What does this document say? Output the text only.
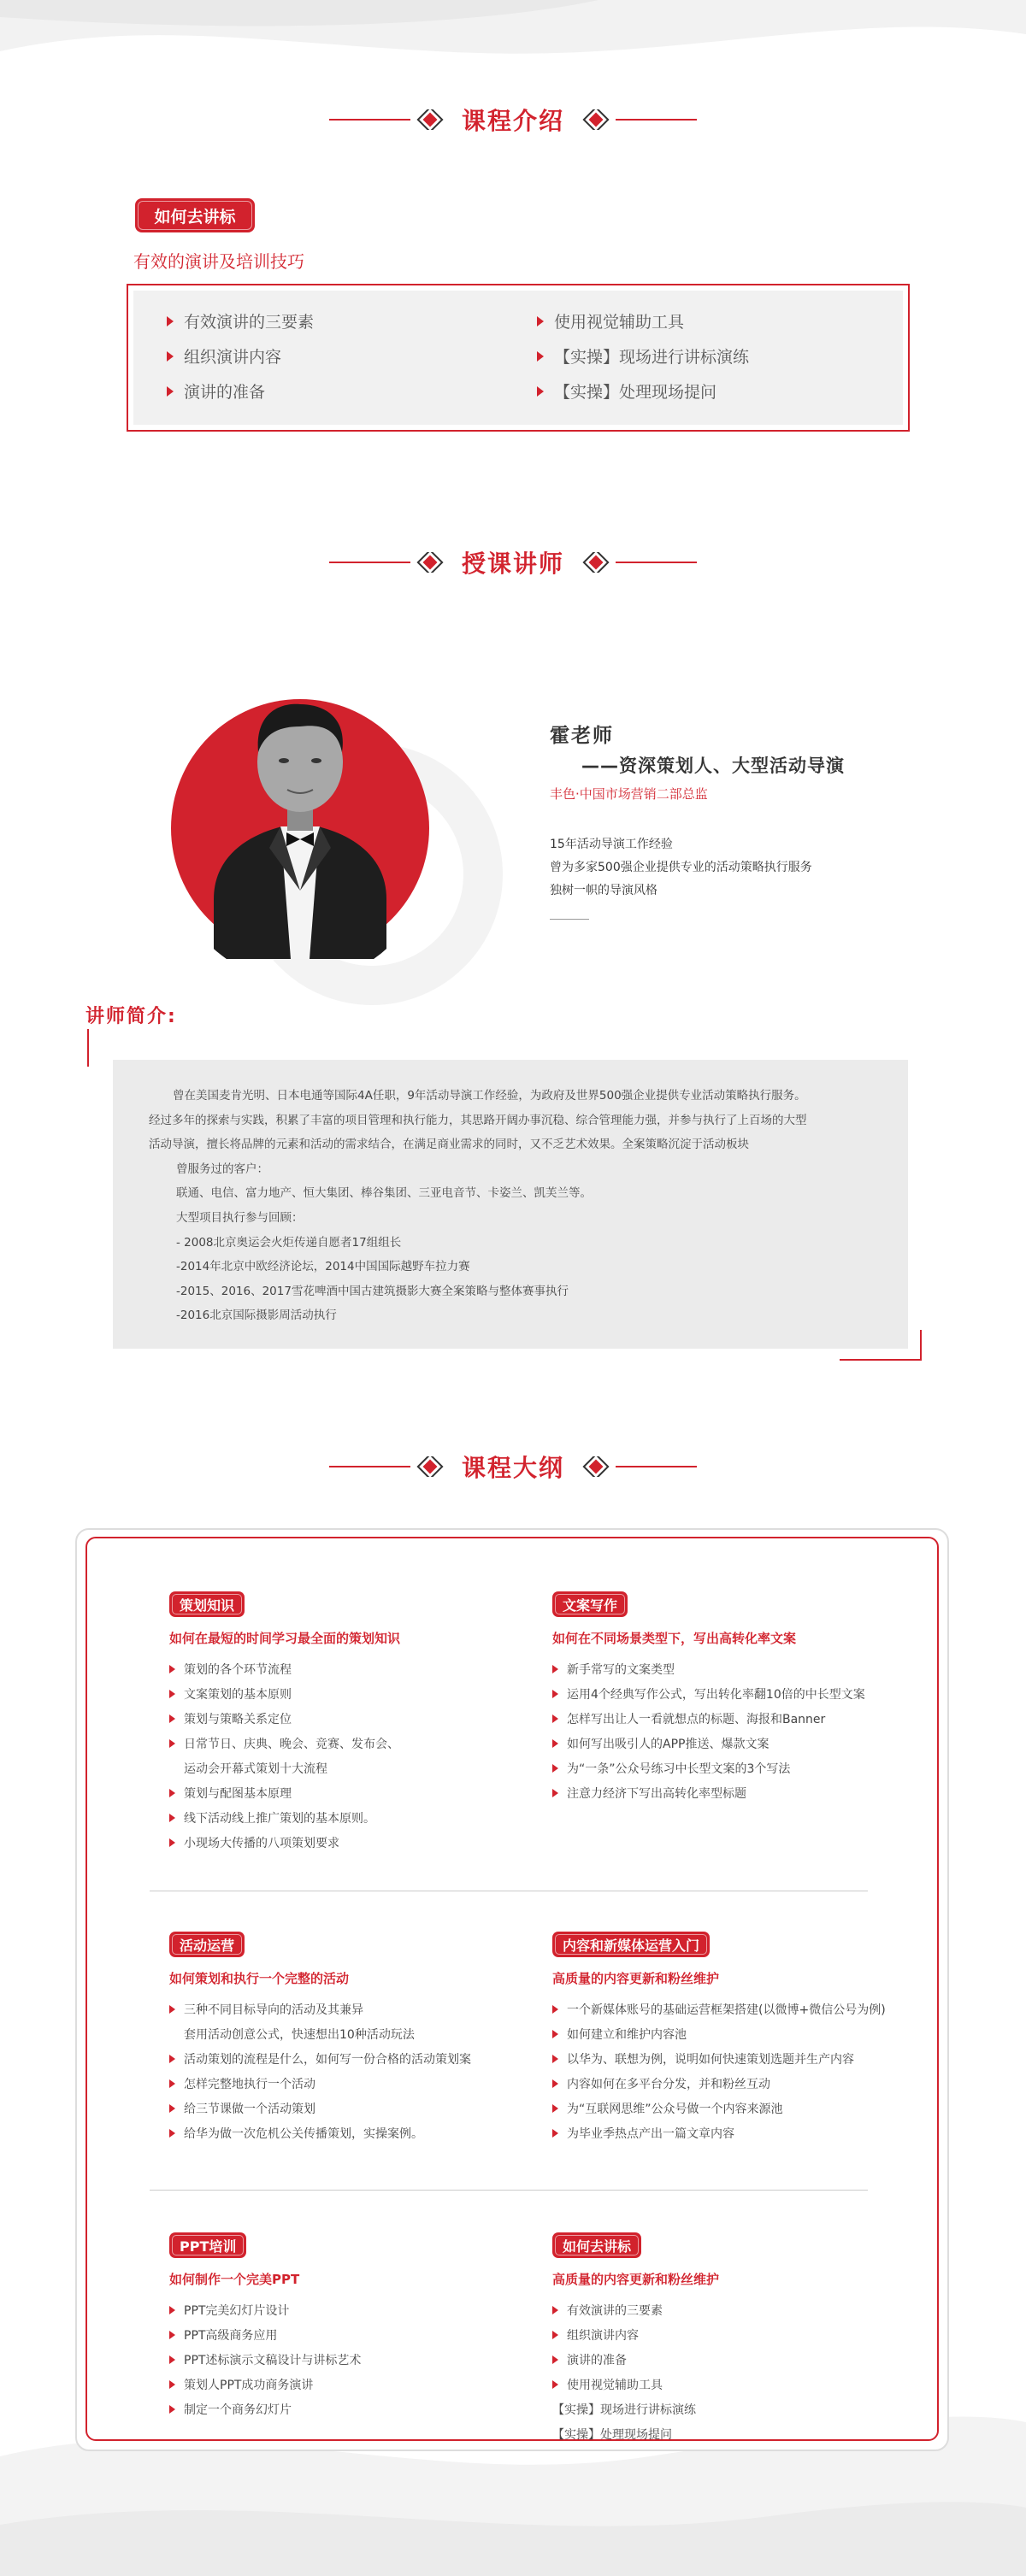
课程介绍
如何去讲标
有效的演讲及培训技巧
有效演讲的三要素
组织演讲内容
演讲的准备
使用视觉辅助工具
【实操】现场进行讲标演练
【实操】处理现场提问
授课讲师
霍老师
——资深策划人、大型活动导演
丰色·中国市场营销二部总监
15年活动导演工作经验
曾为多家500强企业提供专业的活动策略执行服务
独树一帜的导演风格
讲师简介:

曾在美国麦肯光明、日本电通等国际4A任职，9年活动导演工作经验，为政府及世界500强企业提供专业活动策略执行服务。

经过多年的探索与实践，积累了丰富的项目管理和执行能力，其思路开阔办事沉稳、综合管理能力强，并参与执行了上百场的大型

活动导演，擅长将品牌的元素和活动的需求结合，在满足商业需求的同时，又不乏艺术效果。全案策略沉淀于活动板块

曾服务过的客户：

联通、电信、富力地产、恒大集团、棒谷集团、三亚电音节、卡姿兰、凯芙兰等。

大型项目执行参与回顾：

- 2008北京奥运会火炬传递自愿者17组组长

-2014年北京中欧经济论坛，2014中国国际越野车拉力赛

-2015、2016、2017雪花啤酒中国古建筑摄影大赛全案策略与整体赛事执行

-2016北京国际摄影周活动执行

课程大纲
策划知识
如何在最短的时间学习最全面的策划知识
策划的各个环节流程
文案策划的基本原则
策划与策略关系定位
日常节日、庆典、晚会、竞赛、发布会、
运动会开幕式策划十大流程
策划与配图基本原理
线下活动线上推广策划的基本原则。
小现场大传播的八项策划要求
文案写作
如何在不同场景类型下，写出高转化率文案
新手常写的文案类型
运用4个经典写作公式，写出转化率翻10倍的中长型文案
怎样写出让人一看就想点的标题、海报和Banner
如何写出吸引人的APP推送、爆款文案
为“一条”公众号练习中长型文案的3个写法
注意力经济下写出高转化率型标题
活动运营
如何策划和执行一个完整的活动
三种不同目标导向的活动及其兼异
套用活动创意公式，快速想出10种活动玩法
活动策划的流程是什么，如何写一份合格的活动策划案
怎样完整地执行一个活动
给三节课做一个活动策划
给华为做一次危机公关传播策划，实操案例。
内容和新媒体运营入门
高质量的内容更新和粉丝维护
一个新媒体账号的基础运营框架搭建(以微博+微信公号为例)
如何建立和维护内容池
以华为、联想为例，说明如何快速策划选题并生产内容
内容如何在多平台分发，并和粉丝互动
为“互联网思维”公众号做一个内容来源池
为毕业季热点产出一篇文章内容
PPT培训
如何制作一个完美PPT
PPT完美幻灯片设计
PPT高级商务应用
PPT述标演示文稿设计与讲标艺术
策划人PPT成功商务演讲
制定一个商务幻灯片
如何去讲标
高质量的内容更新和粉丝维护
有效演讲的三要素
组织演讲内容
演讲的准备
使用视觉辅助工具
【实操】现场进行讲标演练
【实操】处理现场提问
